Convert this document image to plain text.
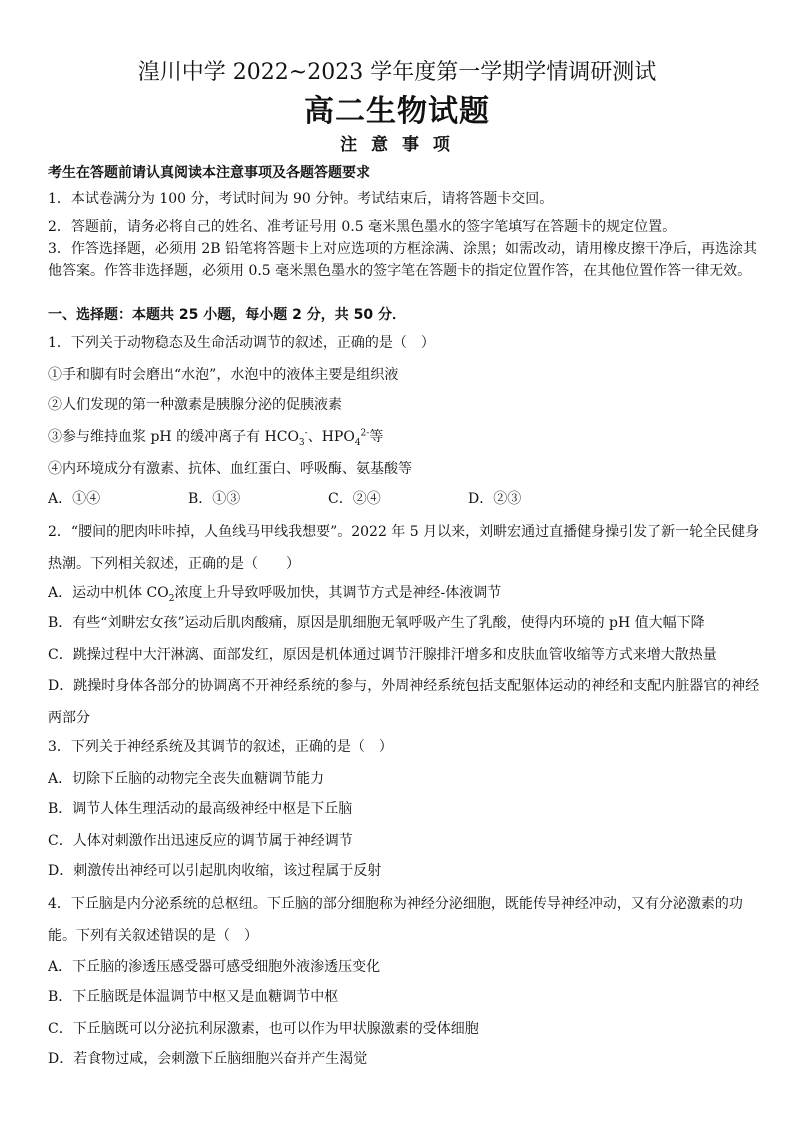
湟川中学 2022~2023 学年度第一学期学情调研测试
高二生物试题
注 意 事 项
考生在答题前请认真阅读本注意事项及各题答题要求
1．本试卷满分为 100 分，考试时间为 90 分钟。考试结束后，请将答题卡交回。
2．答题前，请务必将自己的姓名、准考证号用 0.5 毫米黑色墨水的签字笔填写在答题卡的规定位置。
3．作答选择题，必须用 2B 铅笔将答题卡上对应选项的方框涂满、涂黑；如需改动，请用橡皮擦干净后，再选涂其他答案。作答非选择题，必须用 0.5 毫米黑色墨水的签字笔在答题卡的指定位置作答，在其他位置作答一律无效。
一、选择题：本题共 25 小题，每小题 2 分，共 50 分．
1．下列关于动物稳态及生命活动调节的叙述，正确的是（　）
①手和脚有时会磨出“水泡”，水泡中的液体主要是组织液
②人们发现的第一种激素是胰腺分泌的促胰液素
③参与维持血浆 pH 的缓冲离子有 $HCO_3^-$、$HPO_4^{2-}$等
④内环境成分有激素、抗体、血红蛋白、呼吸酶、氨基酸等
A．①④	B．①③	C．②④	D．②③
2．“腰间的肥肉咔咔掉，人鱼线马甲线我想要”。2022 年 5 月以来，刘畊宏通过直播健身操引发了新一轮全民健身热潮。下列相关叙述，正确的是（　　）
A．运动中机体 $CO_2$浓度上升导致呼吸加快，其调节方式是神经-体液调节
B．有些“刘畊宏女孩”运动后肌肉酸痛，原因是肌细胞无氧呼吸产生了乳酸，使得内环境的 pH 值大幅下降
C．跳操过程中大汗淋漓、面部发红，原因是机体通过调节汗腺排汗增多和皮肤血管收缩等方式来增大散热量
D．跳操时身体各部分的协调离不开神经系统的参与，外周神经系统包括支配躯体运动的神经和支配内脏器官的神经两部分
3．下列关于神经系统及其调节的叙述，正确的是（　）
A．切除下丘脑的动物完全丧失血糖调节能力
B．调节人体生理活动的最高级神经中枢是下丘脑
C．人体对刺激作出迅速反应的调节属于神经调节
D．刺激传出神经可以引起肌肉收缩，该过程属于反射
4．下丘脑是内分泌系统的总枢纽。下丘脑的部分细胞称为神经分泌细胞，既能传导神经冲动，又有分泌激素的功能。下列有关叙述错误的是（　）
A．下丘脑的渗透压感受器可感受细胞外液渗透压变化
B．下丘脑既是体温调节中枢又是血糖调节中枢
C．下丘脑既可以分泌抗利尿激素，也可以作为甲状腺激素的受体细胞
D．若食物过咸，会刺激下丘脑细胞兴奋并产生渴觉
